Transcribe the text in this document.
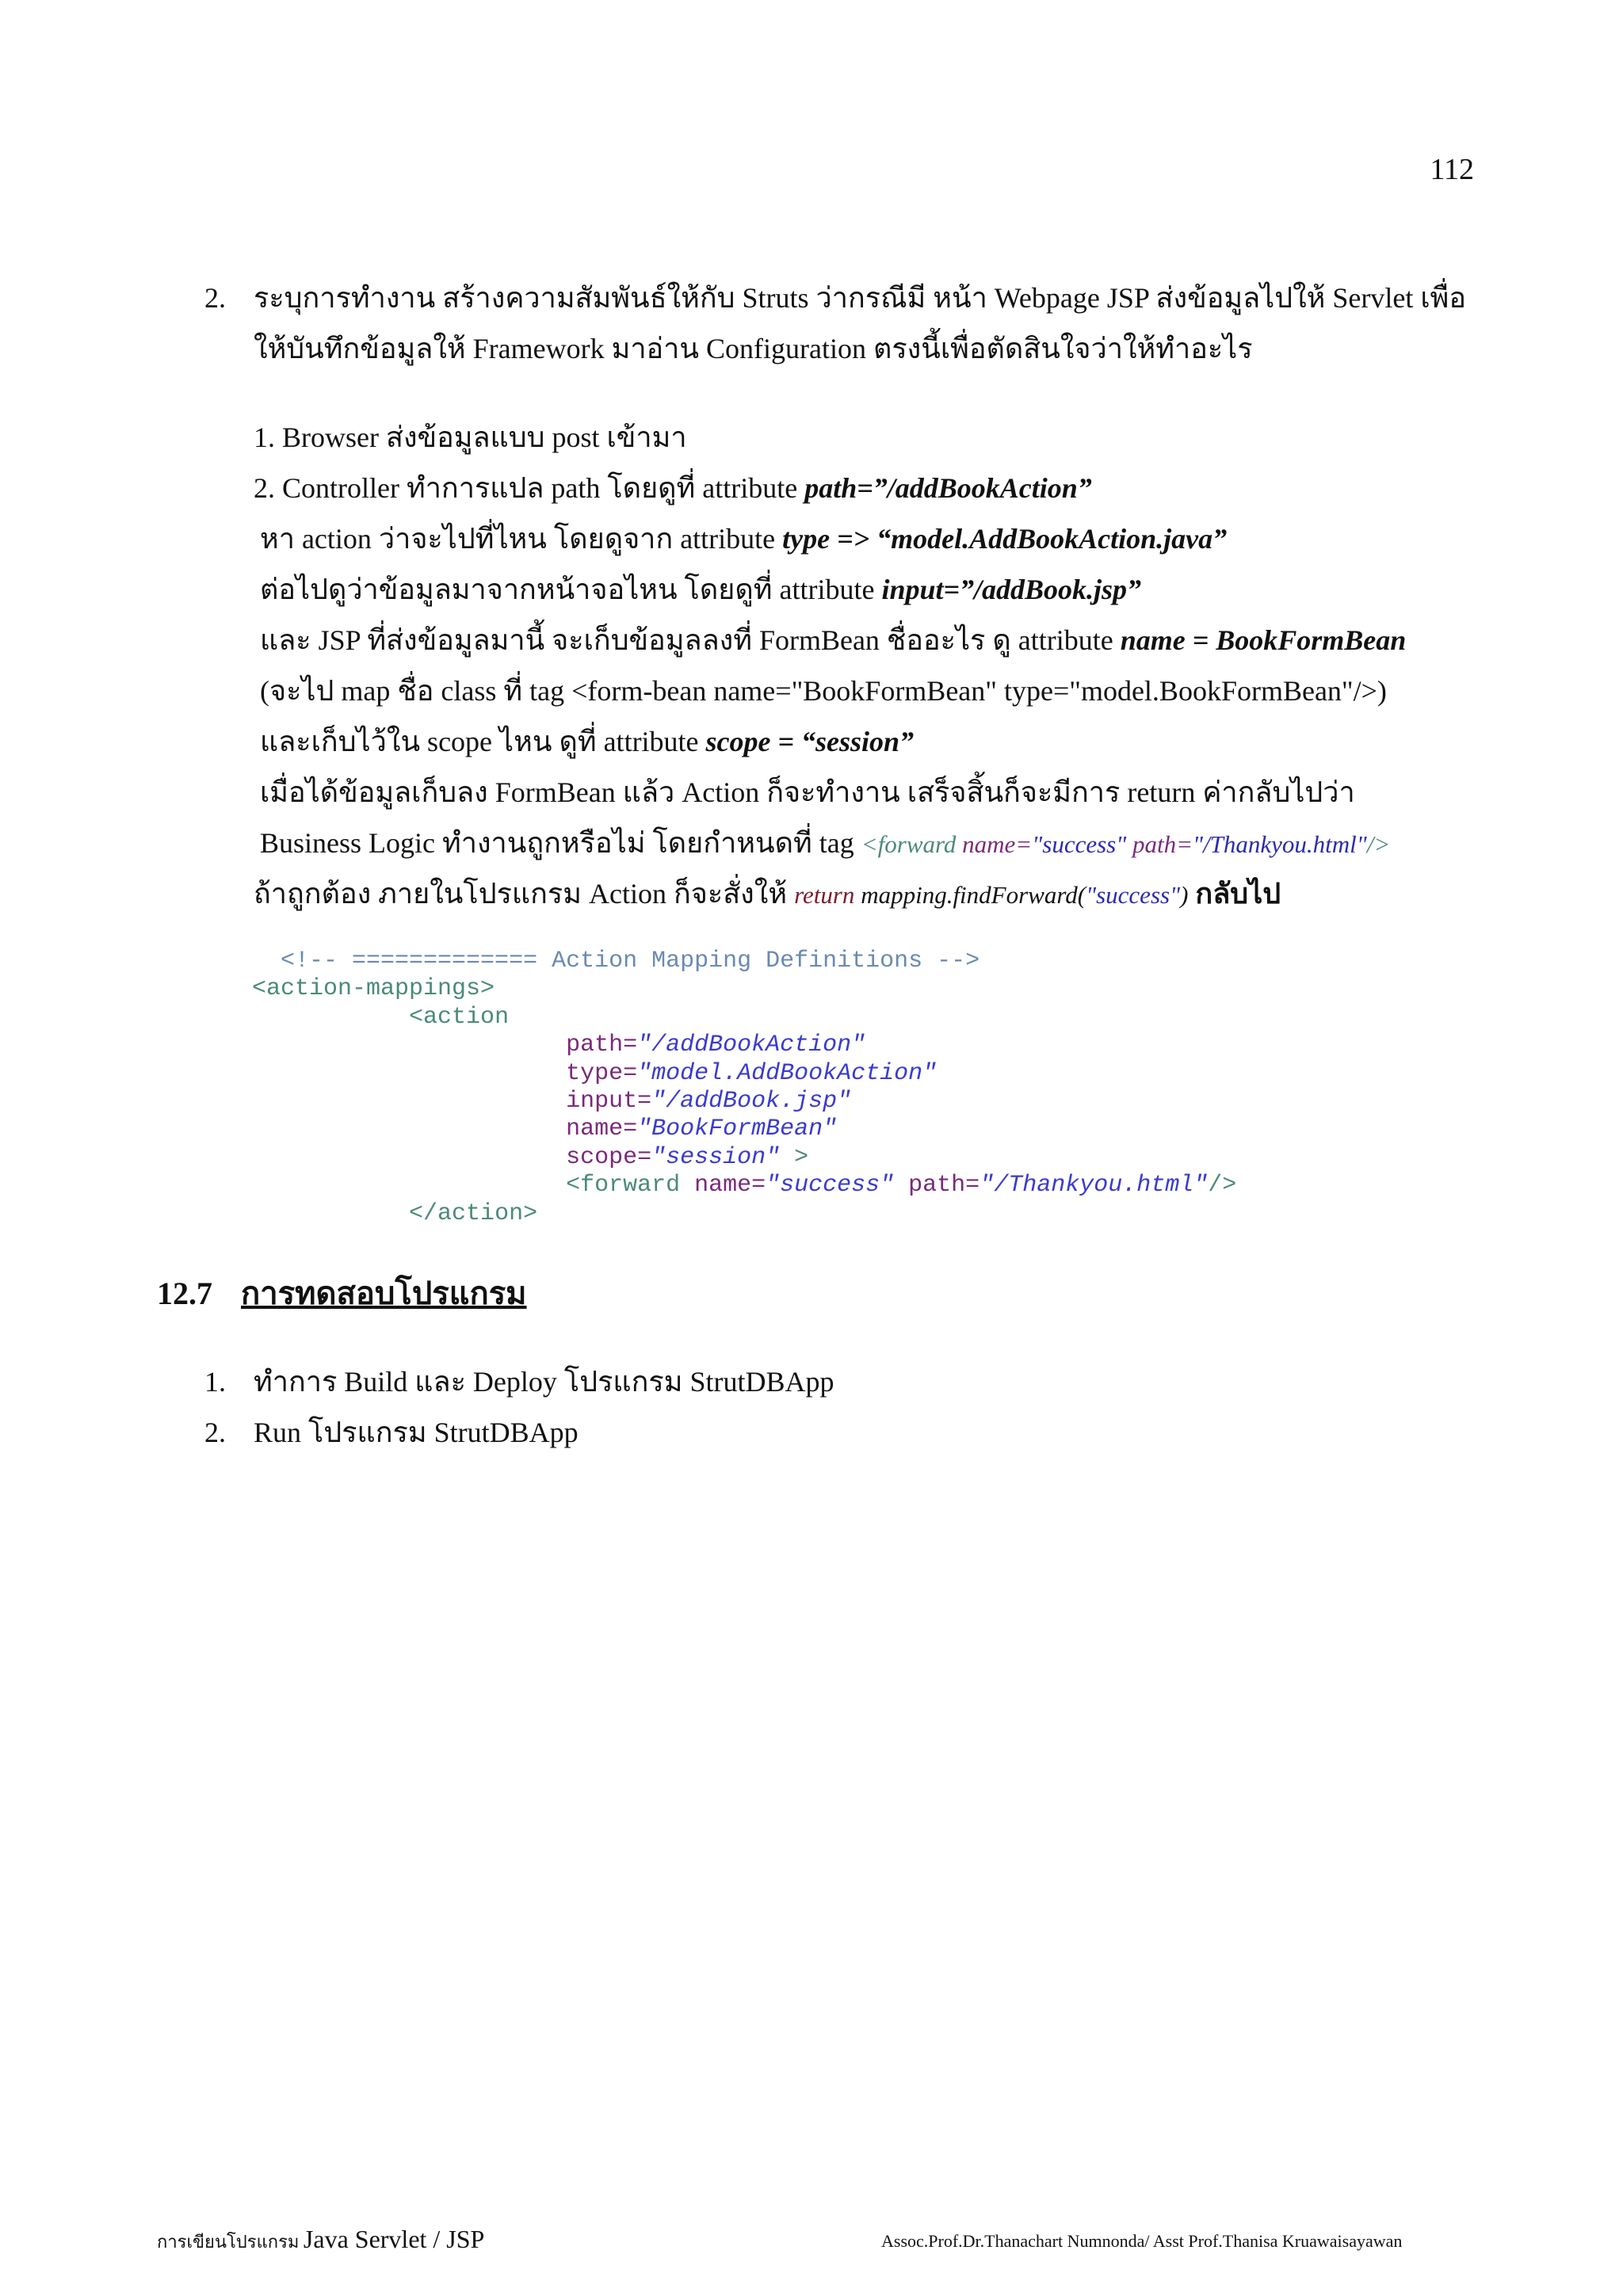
112
2. ระบุการทำงาน สร้างความสัมพันธ์ให้กับ Struts ว่ากรณีมี หน้า Webpage JSP ส่งข้อมูลไปให้ Servlet เพื่อ
ให้บันทึกข้อมูลให้ Framework มาอ่าน Configuration ตรงนี้เพื่อตัดสินใจว่าให้ทำอะไร
1. Browser ส่งข้อมูลแบบ post เข้ามา
2. Controller ทำการแปล path โดยดูที่ attribute path=”/addBookAction”
หา action ว่าจะไปที่ไหน โดยดูจาก attribute type => “model.AddBookAction.java”
ต่อไปดูว่าข้อมูลมาจากหน้าจอไหน โดยดูที่ attribute input=”/addBook.jsp”
และ JSP ที่ส่งข้อมูลมานี้ จะเก็บข้อมูลลงที่ FormBean ชื่ออะไร ดู attribute name = BookFormBean
(จะไป map ชื่อ class ที่ tag <form-bean name="BookFormBean" type="model.BookFormBean"/>)
และเก็บไว้ใน scope ไหน ดูที่ attribute scope = “session”
เมื่อได้ข้อมูลเก็บลง FormBean แล้ว Action ก็จะทำงาน เสร็จสิ้นก็จะมีการ return ค่ากลับไปว่า
Business Logic ทำงานถูกหรือไม่ โดยกำหนดที่ tag <forward name="success" path="/Thankyou.html"/>
ถ้าถูกต้อง ภายในโปรแกรม Action ก็จะสั่งให้ return mapping.findForward("success") กลับไป
<!-- ============= Action Mapping Definitions -->
<action-mappings>
<action
path="/addBookAction"
type="model.AddBookAction"
input="/addBook.jsp"
name="BookFormBean"
scope="session" >
<forward name="success" path="/Thankyou.html"/>
</action>
12.7 การทดสอบโปรแกรม
1. ทำการ Build และ Deploy โปรแกรม StrutDBApp
2. Run โปรแกรม StrutDBApp
การเขียนโปรแกรม Java Servlet / JSP	Assoc.Prof.Dr.Thanachart Numnonda/ Asst Prof.Thanisa Kruawaisayawan
